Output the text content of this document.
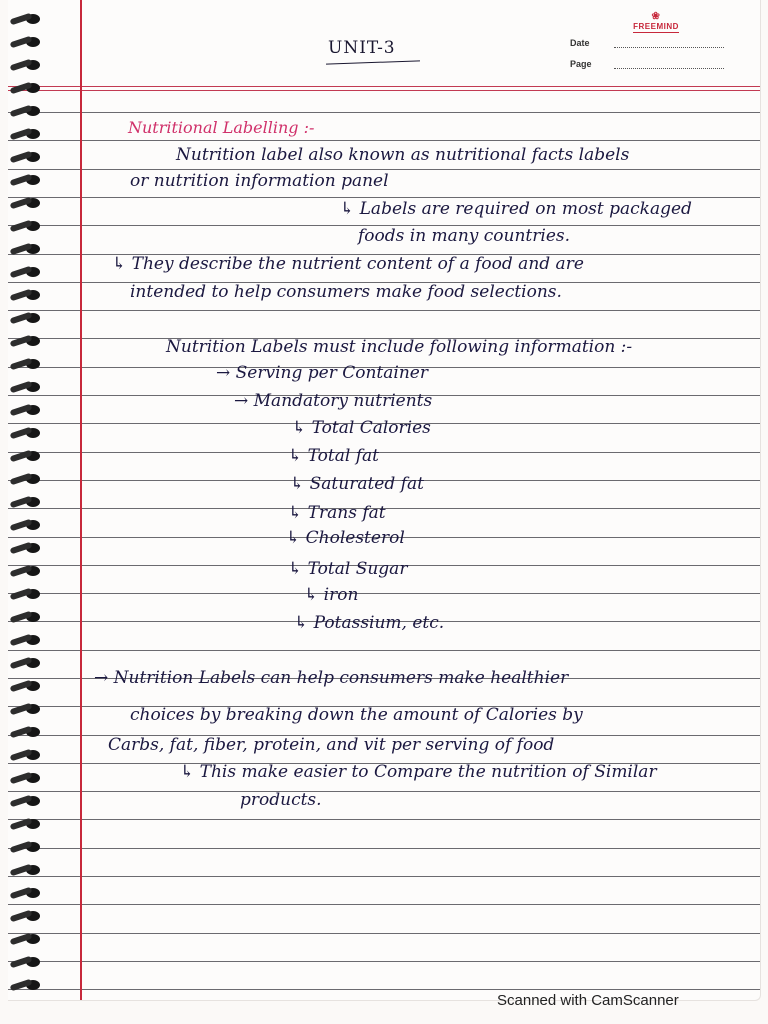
❀
FREEMIND
Date
Page
UNIT-3
Nutritional Labelling :-
Nutrition label also known as nutritional facts labels
or nutrition information panel
↳ Labels are required on most packaged
foods in many countries.
↳ They describe the nutrient content of a food and are
intended to help consumers make food selections.
Nutrition Labels must include following information :-
→ Serving per Container
→ Mandatory nutrients
↳ Total Calories
↳ Total fat
↳ Saturated fat
↳ Trans fat
↳ Cholesterol
↳ Total Sugar
↳ iron
↳ Potassium, etc.
→ Nutrition Labels can help consumers make healthier
choices by breaking down the amount of Calories by
Carbs, fat, fiber, protein, and vit per serving of food
↳ This make easier to Compare the nutrition of Similar
products.
Scanned with CamScanner
